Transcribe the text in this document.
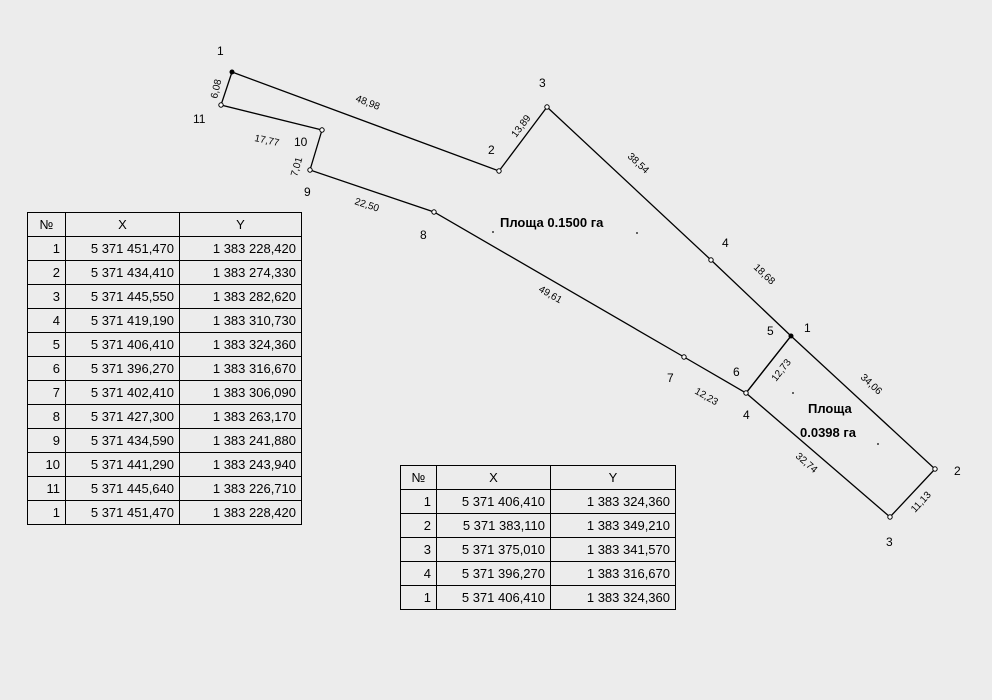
1
2
3
4
5
6
7
8
9
10
11
1
2
3
4
48,98
13,89
38,54
18,68
12,73
12,23
49,61
22,50
7,01
17,77
6,08
34,06
11,13
32,74
Площа 0.1500 га
Площа
0.0398 га
№	X	Y
1	5 371 451,470	1 383 228,420
2	5 371 434,410	1 383 274,330
3	5 371 445,550	1 383 282,620
4	5 371 419,190	1 383 310,730
5	5 371 406,410	1 383 324,360
6	5 371 396,270	1 383 316,670
7	5 371 402,410	1 383 306,090
8	5 371 427,300	1 383 263,170
9	5 371 434,590	1 383 241,880
10	5 371 441,290	1 383 243,940
11	5 371 445,640	1 383 226,710
1	5 371 451,470	1 383 228,420
№	X	Y
1	5 371 406,410	1 383 324,360
2	5 371 383,110	1 383 349,210
3	5 371 375,010	1 383 341,570
4	5 371 396,270	1 383 316,670
1	5 371 406,410	1 383 324,360
